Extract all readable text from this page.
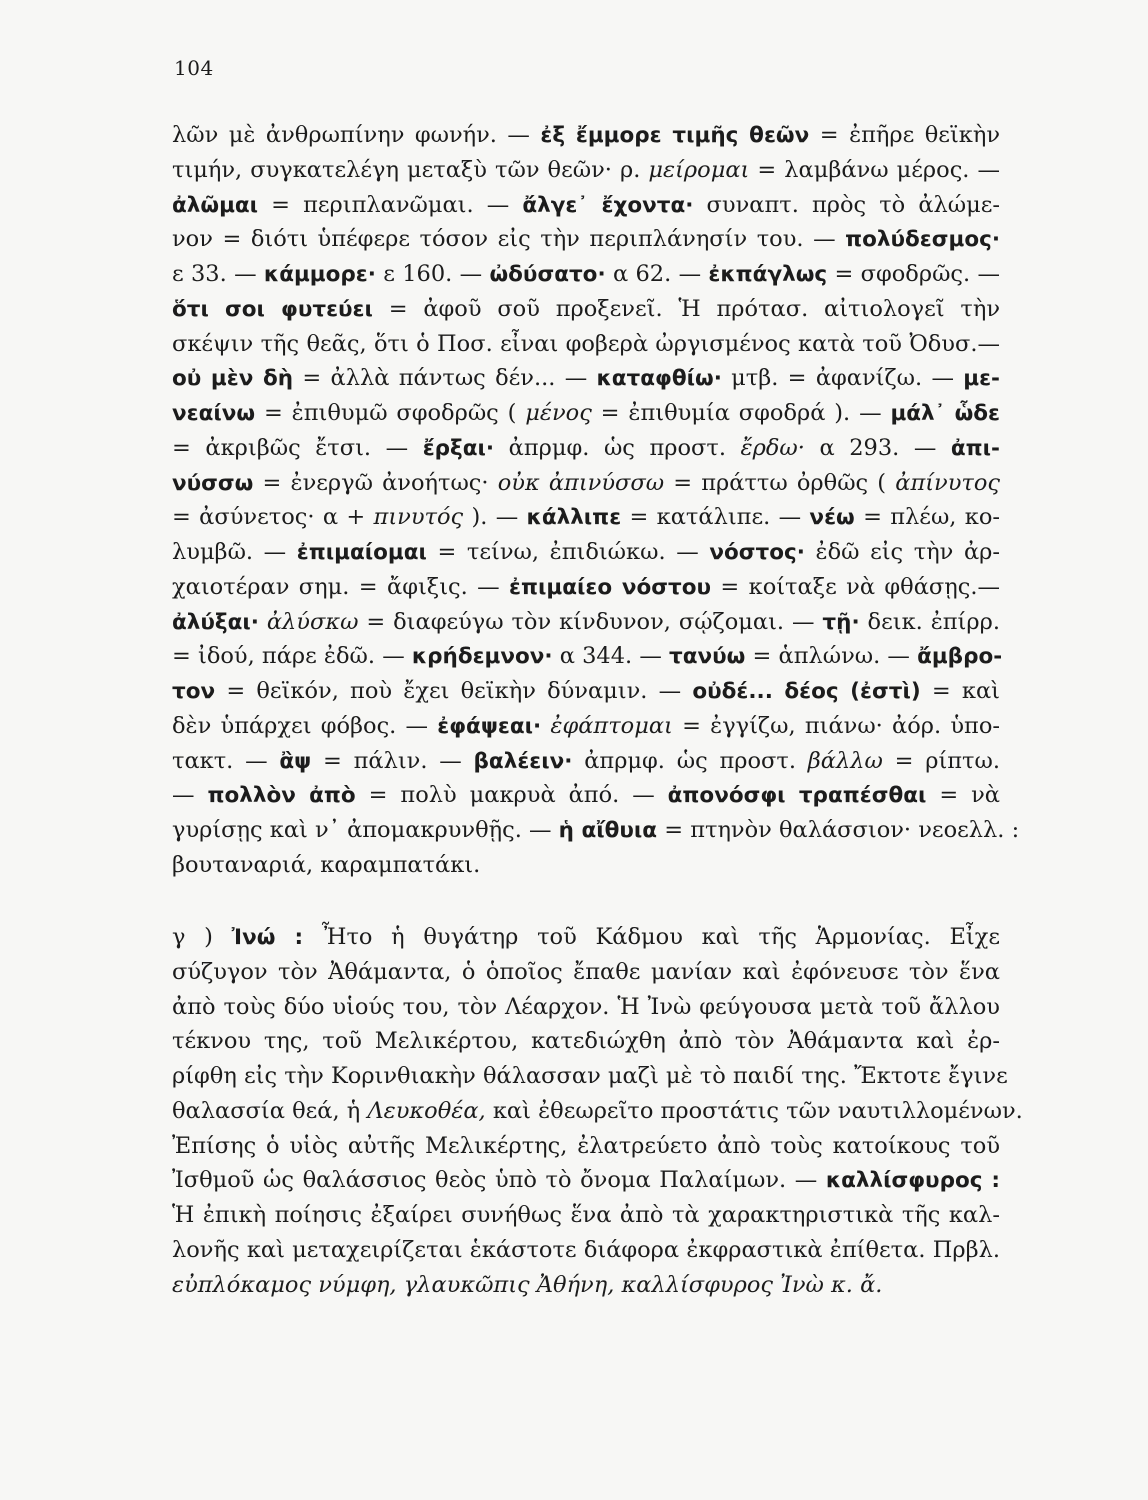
104
λῶν μὲ ἀνθρωπίνην φωνήν. — ἐξ ἔμμορε τιμῆς θεῶν = ἐπῆρε θεϊκὴν
τιμήν, συγκατελέγη μεταξὺ τῶν θεῶν· ρ. μείρομαι = λαμβάνω μέρος. —
ἀλῶμαι = περιπλανῶμαι. — ἄλγε᾽ ἔχοντα· συναπτ. πρὸς τὸ ἀλώμε-
νον = διότι ὑπέφερε τόσον εἰς τὴν περιπλάνησίν του. — πολύδεσμος·
ε 33. — κάμμορε· ε 160. — ὠδύσατο· α 62. — ἐκπάγλως = σφοδρῶς. —
ὅτι σοι φυτεύει = ἀφοῦ σοῦ προξενεῖ. Ἡ πρότασ. αἰτιολογεῖ τὴν
σκέψιν τῆς θεᾶς, ὅτι ὁ Ποσ. εἶναι φοβερὰ ὠργισμένος κατὰ τοῦ Ὀδυσ.—
οὐ μὲν δὴ = ἀλλὰ πάντως δέν... — καταφθίω· μτβ. = ἀφανίζω. — με-
νεαίνω = ἐπιθυμῶ σφοδρῶς ( μένος = ἐπιθυμία σφοδρά ). — μάλ᾽ ὧδε
= ἀκριβῶς ἔτσι. — ἔρξαι· ἀπρμφ. ὡς προστ. ἔρδω· α 293. — ἀπι-
νύσσω = ἐνεργῶ ἀνοήτως· οὐκ ἀπινύσσω = πράττω ὀρθῶς ( ἀπίνυτος
= ἀσύνετος· α + πινυτός ). — κάλλιπε = κατάλιπε. — νέω = πλέω, κο-
λυμβῶ. — ἐπιμαίομαι = τείνω, ἐπιδιώκω. — νόστος· ἐδῶ εἰς τὴν ἀρ-
χαιοτέραν σημ. = ἄφιξις. — ἐπιμαίεο νόστου = κοίταξε νὰ φθάσῃς.—
ἀλύξαι· ἀλύσκω = διαφεύγω τὸν κίνδυνον, σῴζομαι. — τῇ· δεικ. ἐπίρρ.
= ἰδού, πάρε ἐδῶ. — κρήδεμνον· α 344. — τανύω = ἁπλώνω. — ἄμβρο-
τον = θεϊκόν, ποὺ ἔχει θεϊκὴν δύναμιν. — οὐδέ... δέος (ἐστὶ) = καὶ
δὲν ὑπάρχει φόβος. — ἐφάψεαι· ἐφάπτομαι = ἐγγίζω, πιάνω· ἀόρ. ὑπο-
τακτ. — ἂψ = πάλιν. — βαλέειν· ἀπρμφ. ὡς προστ. βάλλω = ρίπτω.
— πολλὸν ἀπὸ = πολὺ μακρυὰ ἀπό. — ἀπονόσφι τραπέσθαι = νὰ
γυρίσῃς καὶ ν᾽ ἀπομακρυνθῇς. — ἡ αἴθυια = πτηνὸν θαλάσσιον· νεοελλ. :
βουταναριά, καραμπατάκι.
γ ) Ἰνώ : Ἦτο ἡ θυγάτηρ τοῦ Κάδμου καὶ τῆς Ἁρμονίας. Εἶχε
σύζυγον τὸν Ἀθάμαντα, ὁ ὁποῖος ἔπαθε μανίαν καὶ ἐφόνευσε τὸν ἕνα
ἀπὸ τοὺς δύο υἱούς του, τὸν Λέαρχον. Ἡ Ἰνὼ φεύγουσα μετὰ τοῦ ἄλλου
τέκνου της, τοῦ Μελικέρτου, κατεδιώχθη ἀπὸ τὸν Ἀθάμαντα καὶ ἐρ-
ρίφθη εἰς τὴν Κορινθιακὴν θάλασσαν μαζὶ μὲ τὸ παιδί της. Ἔκτοτε ἔγινε
θαλασσία θεά, ἡ Λευκοθέα, καὶ ἐθεωρεῖτο προστάτις τῶν ναυτιλλομένων.
Ἐπίσης ὁ υἱὸς αὐτῆς Μελικέρτης, ἐλατρεύετο ἀπὸ τοὺς κατοίκους τοῦ
Ἰσθμοῦ ὡς θαλάσσιος θεὸς ὑπὸ τὸ ὄνομα Παλαίμων. — καλλίσφυρος :
Ἡ ἐπικὴ ποίησις ἐξαίρει συνήθως ἕνα ἀπὸ τὰ χαρακτηριστικὰ τῆς καλ-
λονῆς καὶ μεταχειρίζεται ἑκάστοτε διάφορα ἐκφραστικὰ ἐπίθετα. Πρβλ.
εὐπλόκαμος νύμφη, γλαυκῶπις Ἀθήνη, καλλίσφυρος Ἰνὼ κ. ἄ.
